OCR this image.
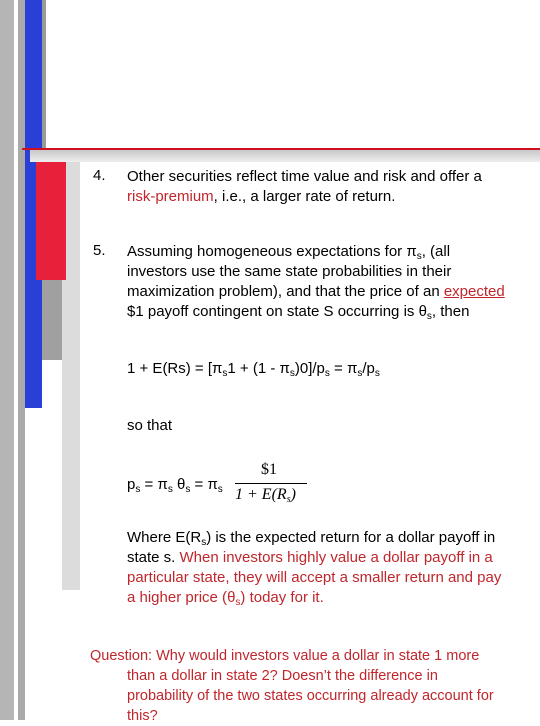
4. Other securities reflect time value and risk and offer a
risk-premium, i.e., a larger rate of return.

5. Assuming homogeneous expectations for $\pi_s$, (all
investors use the same state probabilities in their
maximization problem), and that the price of an expected
$1 payoff contingent on state S occurring is $\theta_s$, then

$1 + E(Rs) = [\pi_s1 + (1 - \pi_s)0]/p_s = \pi_s/p_s$

so that

$p_s = \pi_s$ $\theta_s = \pi_s$

$1
$1 + E(R_s)$

Where $E(R_s)$ is the expected return for a dollar payoff in
state s. When investors highly value a dollar payoff in a
particular state, they will accept a smaller return and pay
a higher price $(\theta_s)$ today for it.

Question: Why would investors value a dollar in state 1 more
than a dollar in state 2? Doesn’t the difference in
probability of the two states occurring already account for
this?
